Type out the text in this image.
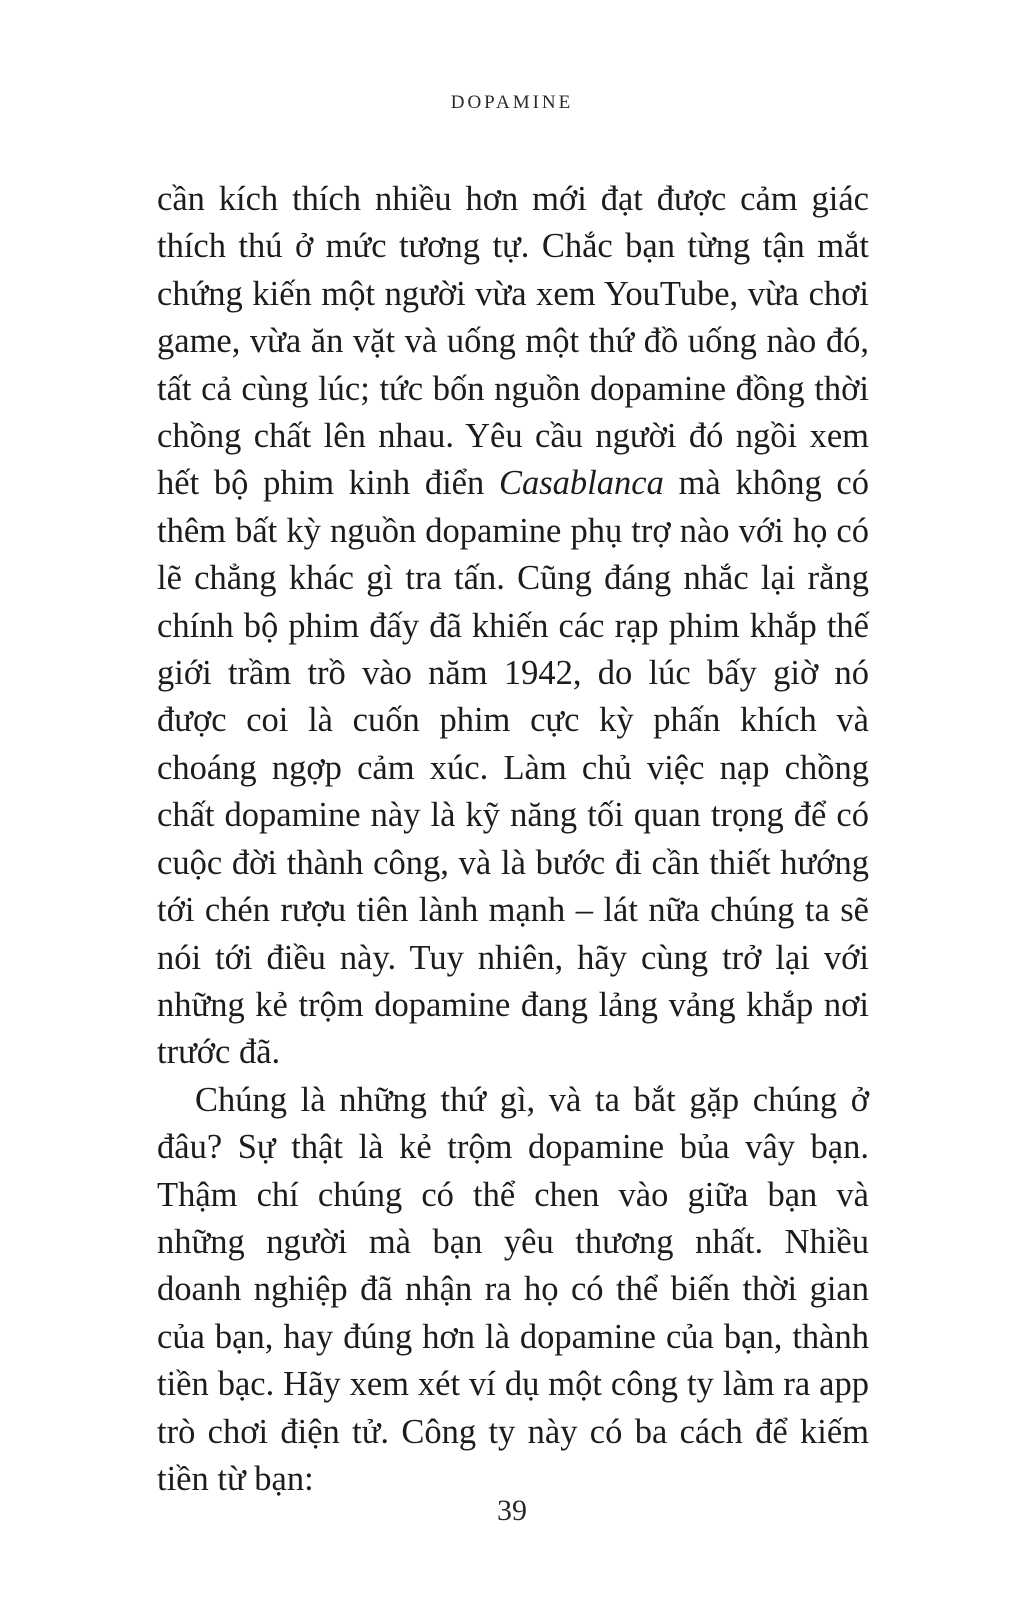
DOPAMINE

cần kích thích nhiều hơn mới đạt được cảm giác thích thú ở mức tương tự. Chắc bạn từng tận mắt chứng kiến một người vừa xem YouTube, vừa chơi game, vừa ăn vặt và uống một thứ đồ uống nào đó, tất cả cùng lúc; tức bốn nguồn dopamine đồng thời chồng chất lên nhau. Yêu cầu người đó ngồi xem hết bộ phim kinh điển Casablanca mà không có thêm bất kỳ nguồn dopamine phụ trợ nào với họ có lẽ chẳng khác gì tra tấn. Cũng đáng nhắc lại rằng chính bộ phim đấy đã khiến các rạp phim khắp thế giới trầm trồ vào năm 1942, do lúc bấy giờ nó được coi là cuốn phim cực kỳ phấn khích và choáng ngợp cảm xúc. Làm chủ việc nạp chồng chất dopamine này là kỹ năng tối quan trọng để có cuộc đời thành công, và là bước đi cần thiết hướng tới chén rượu tiên lành mạnh – lát nữa chúng ta sẽ nói tới điều này. Tuy nhiên, hãy cùng trở lại với những kẻ trộm dopamine đang lảng vảng khắp nơi trước đã.

Chúng là những thứ gì, và ta bắt gặp chúng ở đâu? Sự thật là kẻ trộm dopamine bủa vây bạn. Thậm chí chúng có thể chen vào giữa bạn và những người mà bạn yêu thương nhất. Nhiều doanh nghiệp đã nhận ra họ có thể biến thời gian của bạn, hay đúng hơn là dopamine của bạn, thành tiền bạc. Hãy xem xét ví dụ một công ty làm ra app trò chơi điện tử. Công ty này có ba cách để kiếm tiền từ bạn:

39
